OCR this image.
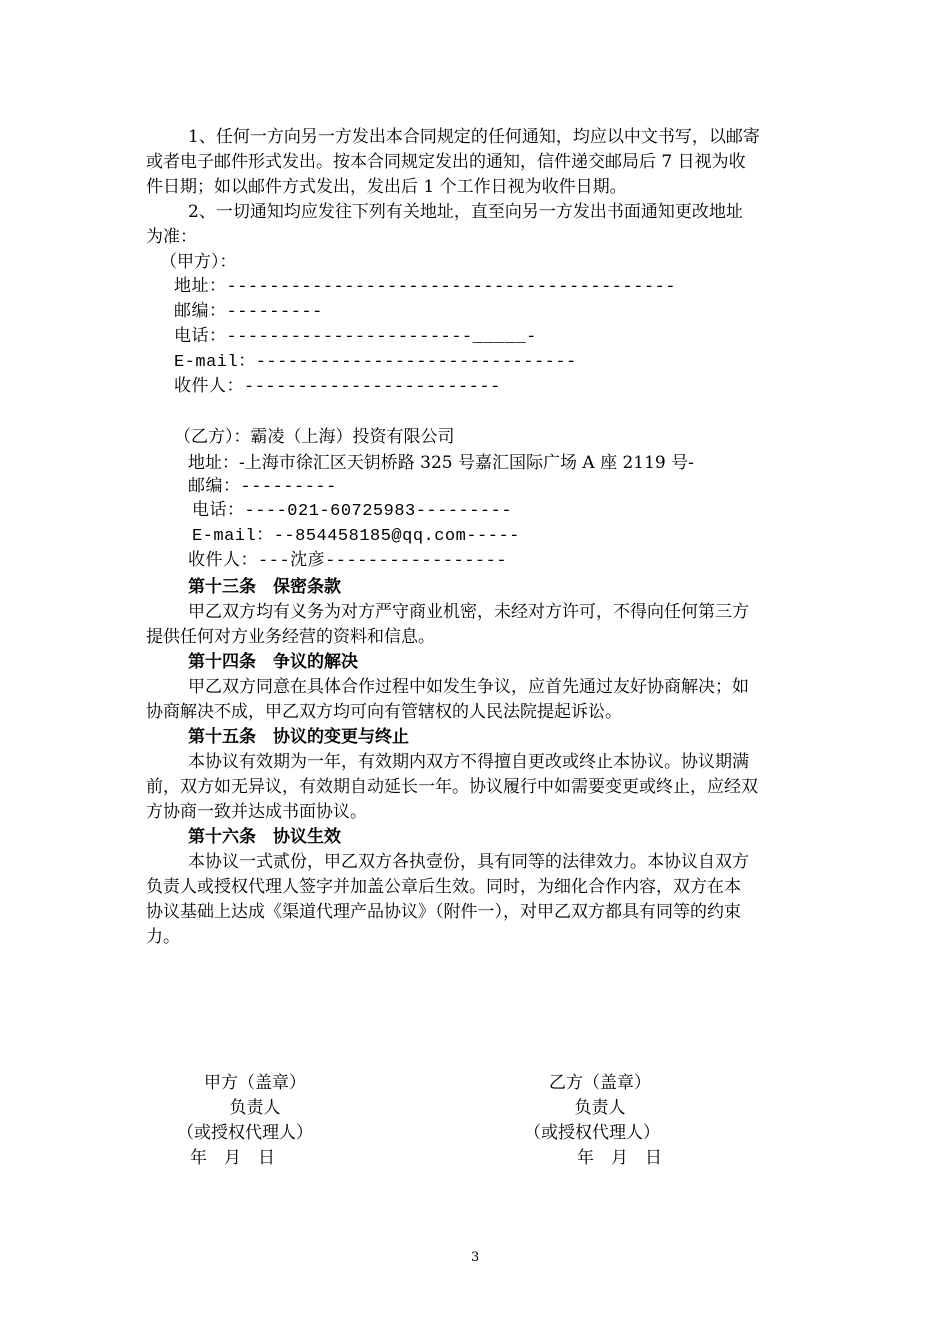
1、任何一方向另一方发出本合同规定的任何通知，均应以中文书写，以邮寄
或者电子邮件形式发出。按本合同规定发出的通知，信件递交邮局后 7 日视为收
件日期；如以邮件方式发出，发出后 1 个工作日视为收件日期。
2、一切通知均应发往下列有关地址，直至向另一方发出书面通知更改地址
为准：
（甲方）：
地址：------------------------------------------
邮编：---------
电话：-----------------------_____-
E-mail：------------------------------
收件人：------------------------
（乙方）：霸凌（上海）投资有限公司
地址：-上海市徐汇区天钥桥路 325 号嘉汇国际广场 A 座 2119 号-
邮编：---------
电话：----021-60725983---------
E-mail：--854458185@qq.com-----
收件人：---沈彦-----------------
第十三条　保密条款
甲乙双方均有义务为对方严守商业机密，未经对方许可，不得向任何第三方
提供任何对方业务经营的资料和信息。
第十四条　争议的解决
甲乙双方同意在具体合作过程中如发生争议，应首先通过友好协商解决；如
协商解决不成，甲乙双方均可向有管辖权的人民法院提起诉讼。
第十五条　协议的变更与终止
本协议有效期为一年，有效期内双方不得擅自更改或终止本协议。协议期满
前，双方如无异议，有效期自动延长一年。协议履行中如需要变更或终止，应经双
方协商一致并达成书面协议。
第十六条　协议生效
本协议一式贰份，甲乙双方各执壹份，具有同等的法律效力。本协议自双方
负责人或授权代理人签字并加盖公章后生效。同时，为细化合作内容，双方在本
协议基础上达成《渠道代理产品协议》（附件一），对甲乙双方都具有同等的约束
力。
甲方（盖章）
负责人
（或授权代理人）
年　月　日
乙方（盖章）
负责人
（或授权代理人）
年　月　日
3
